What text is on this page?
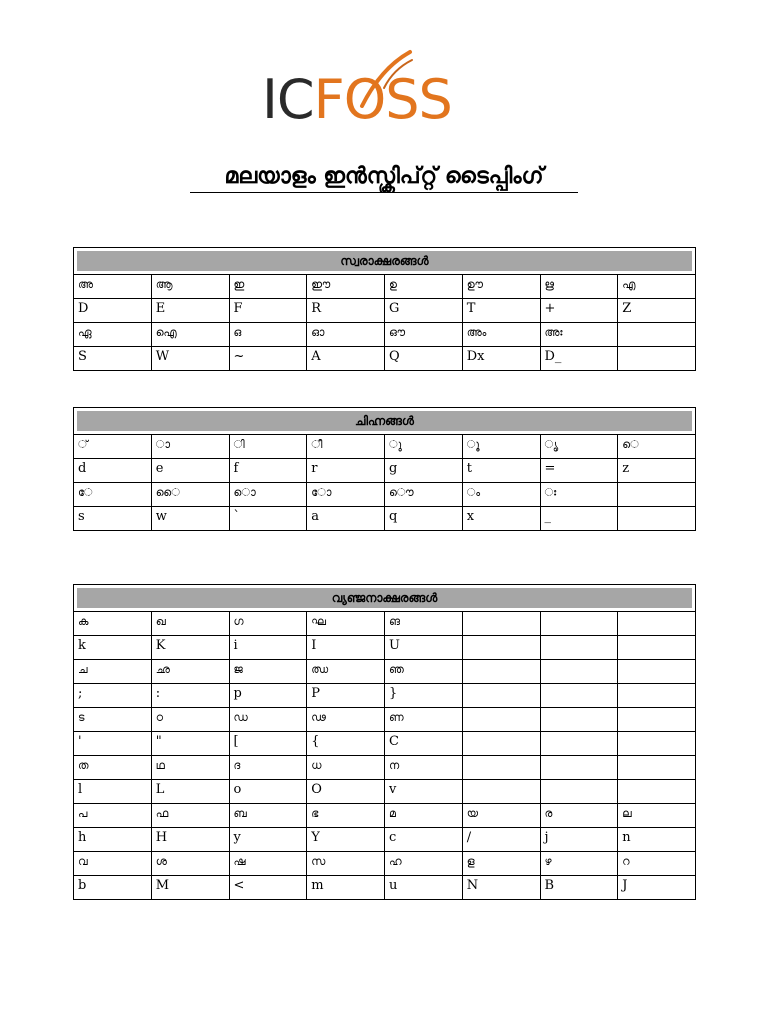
ICFOSS
മലയാളം ഇൻസ്ക്രിപ്റ്റ് ടൈപ്പിംഗ്
സ്വരാക്ഷരങ്ങൾ							

അ	ആ	ഇ	ഈ	ഉ	ഊ	ഋ	എ
D	E	F	R	G	T	+	Z
ഏ	ഐ	ഒ	ഓ	ഔ	അം	അഃ	
S	W	~	A	Q	Dx	D_	
ചിഹ്നങ്ങൾ							

്	ാ	ി	ീ	ു	ൂ	ൃ	െ
d	e	f	r	g	t	=	z
േ	ൈ	ൊ	ോ	ൌ	ം	ഃ	
s	w	`	a	q	x	_	
വ്യഞ്ജനാക്ഷരങ്ങൾ							

ക	ഖ	ഗ	ഘ	ങ			
k	K	i	I	U			
ച	ഛ	ജ	ഝ	ഞ			
;	:	p	P	}			
ട	ഠ	ഡ	ഢ	ണ			
'	"	[	{	C			
ത	ഥ	ദ	ധ	ന			
l	L	o	O	v			
പ	ഫ	ബ	ഭ	മ	യ	ര	ല
h	H	y	Y	c	/	j	n
വ	ശ	ഷ	സ	ഹ	ള	ഴ	റ
b	M	<	m	u	N	B	J
